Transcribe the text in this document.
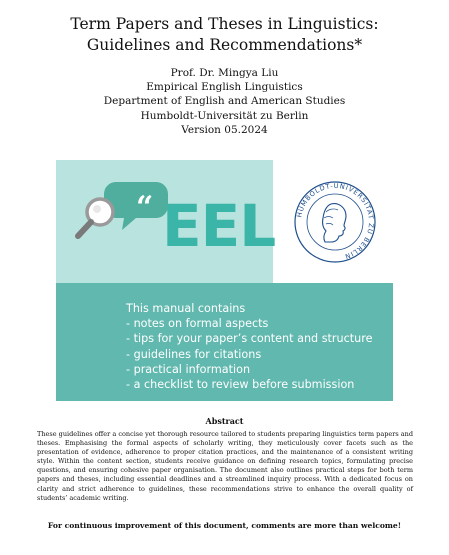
Term Papers and Theses in Linguistics:
Guidelines and Recommendations*
Prof. Dr. Mingya Liu
Empirical English Linguistics
Department of English and American Studies
Humboldt-Universität zu Berlin
Version 05.2024
“	HUMBOLDT-UNIVERSITÄT ZU BERLIN
EEL
This manual contains
- notes on formal aspects
- tips for your paper’s content and structure
- guidelines for citations
- practical information
- a checklist to review before submission
Abstract
These guidelines offer a concise yet thorough resource tailored to students preparing linguistics term papers and theses. Emphasising the formal aspects of scholarly writing, they meticulously cover facets such as the presentation of evidence, adherence to proper citation practices, and the maintenance of a consistent writing style. Within the content section, students receive guidance on defining research topics, formulating precise questions, and ensuring cohesive paper organisation. The document also outlines practical steps for both term papers and theses, including essential deadlines and a streamlined inquiry process. With a dedicated focus on clarity and strict adherence to guidelines, these recommendations strive to enhance the overall quality of students’ academic writing.
For continuous improvement of this document, comments are more than welcome!
